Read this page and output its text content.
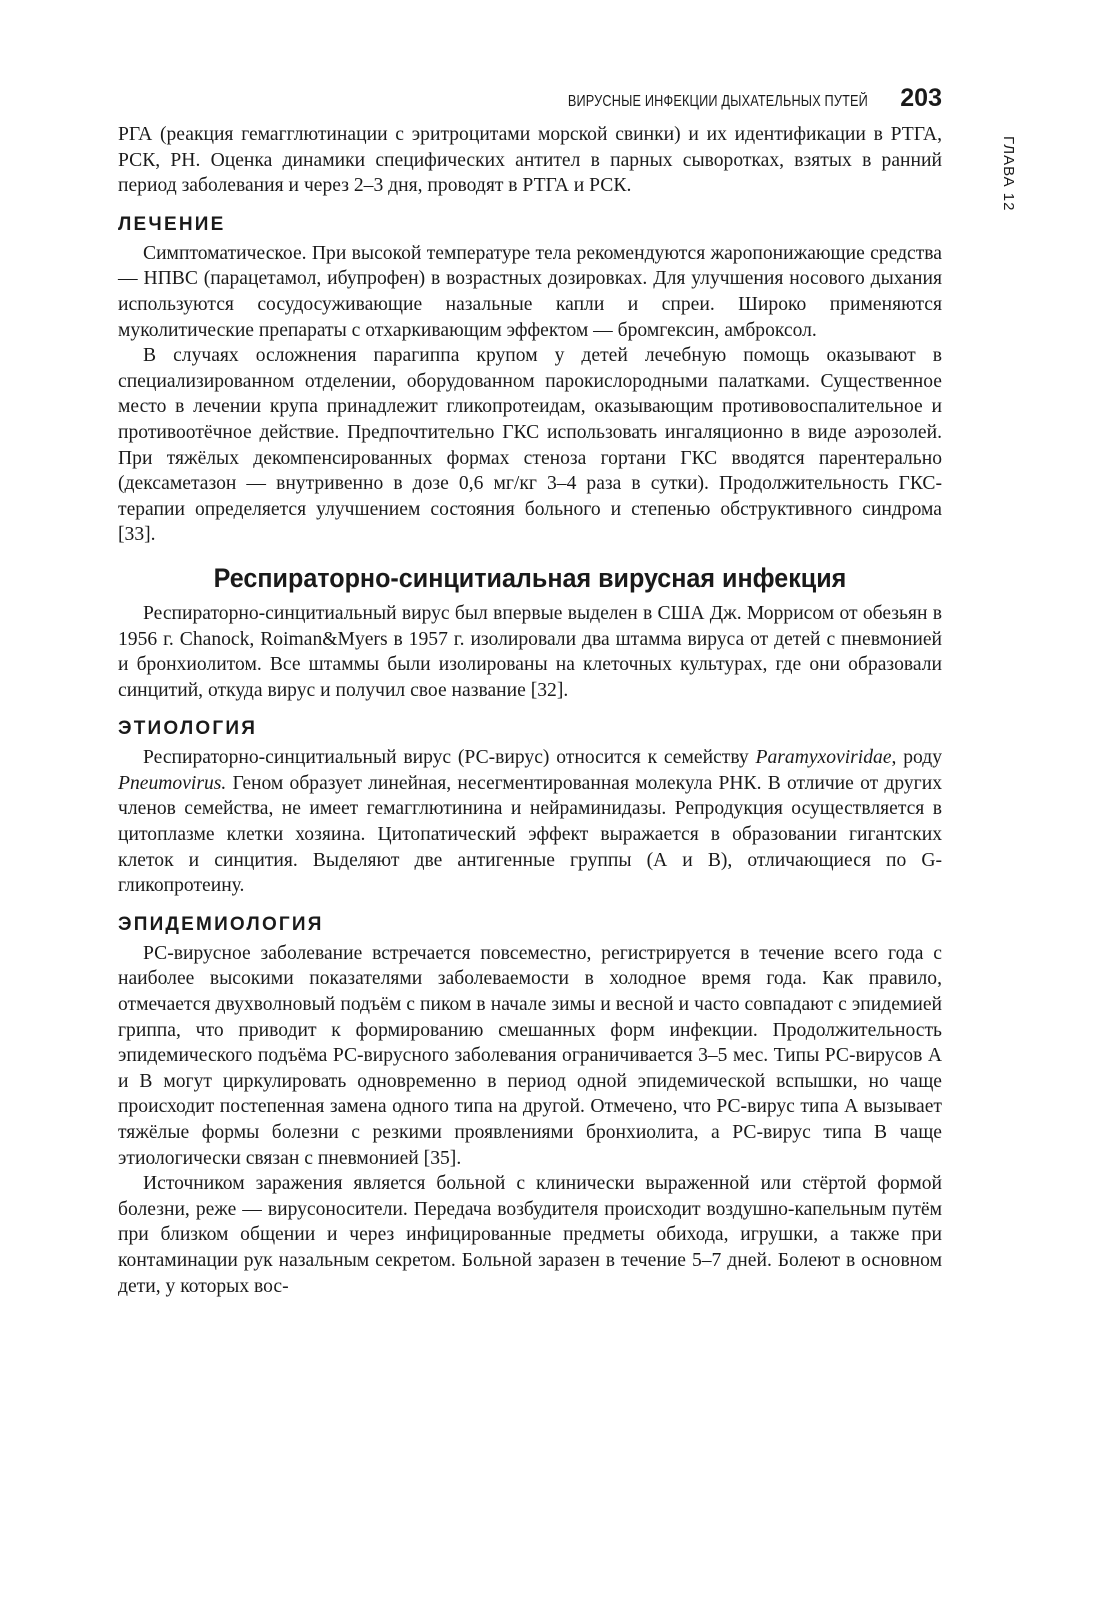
ГЛАВА 12
ВИРУСНЫЕ ИНФЕКЦИИ ДЫХАТЕЛЬНЫХ ПУТЕЙ 203

РГА (реакция гемагглютинации с эритроцитами морской свинки) и их идентификации в РТГА, РСК, РН. Оценка динамики специфических антител в парных сыворотках, взятых в ранний период заболевания и через 2–3 дня, проводят в РТГА и РСК.

ЛЕЧЕНИЕ

Симптоматическое. При высокой температуре тела рекомендуются жаропонижающие средства — НПВС (парацетамол, ибупрофен) в возрастных дозировках. Для улучшения носового дыхания используются сосудосуживающие назальные капли и спреи. Широко применяются муколитические препараты с отхаркивающим эффектом — бромгексин, амброксол.

В случаях осложнения парагиппа крупом у детей лечебную помощь оказывают в специализированном отделении, оборудованном парокислородными палатками. Существенное место в лечении крупа принадлежит гликопротеидам, оказывающим противовоспалительное и противоотёчное действие. Предпочтительно ГКС использовать ингаляционно в виде аэрозолей. При тяжёлых декомпенсированных формах стеноза гортани ГКС вводятся парентерально (дексаметазон — внутривенно в дозе 0,6 мг/кг 3–4 раза в сутки). Продолжительность ГКС-терапии определяется улучшением состояния больного и степенью обструктивного синдрома [33].

Респираторно-синцитиальная вирусная инфекция

Респираторно-синцитиальный вирус был впервые выделен в США Дж. Моррисом от обезьян в 1956 г. Chanock, Roiman&Myers в 1957 г. изолировали два штамма вируса от детей с пневмонией и бронхиолитом. Все штаммы были изолированы на клеточных культурах, где они образовали синцитий, откуда вирус и получил свое название [32].

ЭТИОЛОГИЯ

Респираторно-синцитиальный вирус (РС-вирус) относится к семейству Paramyxoviridae, роду Pneumovirus. Геном образует линейная, несегментированная молекула РНК. В отличие от других членов семейства, не имеет гемагглютинина и нейраминидазы. Репродукция осуществляется в цитоплазме клетки хозяина. Цитопатический эффект выражается в образовании гигантских клеток и синцития. Выделяют две антигенные группы (А и В), отличающиеся по G-гликопротеину.

ЭПИДЕМИОЛОГИЯ

РС-вирусное заболевание встречается повсеместно, регистрируется в течение всего года с наиболее высокими показателями заболеваемости в холодное время года. Как правило, отмечается двухволновый подъём с пиком в начале зимы и весной и часто совпадают с эпидемией гриппа, что приводит к формированию смешанных форм инфекции. Продолжительность эпидемического подъёма РС-вирусного заболевания ограничивается 3–5 мес. Типы РС-вирусов А и В могут циркулировать одновременно в период одной эпидемической вспышки, но чаще происходит постепенная замена одного типа на другой. Отмечено, что РС-вирус типа А вызывает тяжёлые формы болезни с резкими проявлениями бронхиолита, а РС-вирус типа В чаще этиологически связан с пневмонией [35].

Источником заражения является больной с клинически выраженной или стёртой формой болезни, реже — вирусоносители. Передача возбудителя происходит воздушно-капельным путём при близком общении и через инфицированные предметы обихода, игрушки, а также при контаминации рук назальным секретом. Больной заразен в течение 5–7 дней. Болеют в основном дети, у которых вос-
